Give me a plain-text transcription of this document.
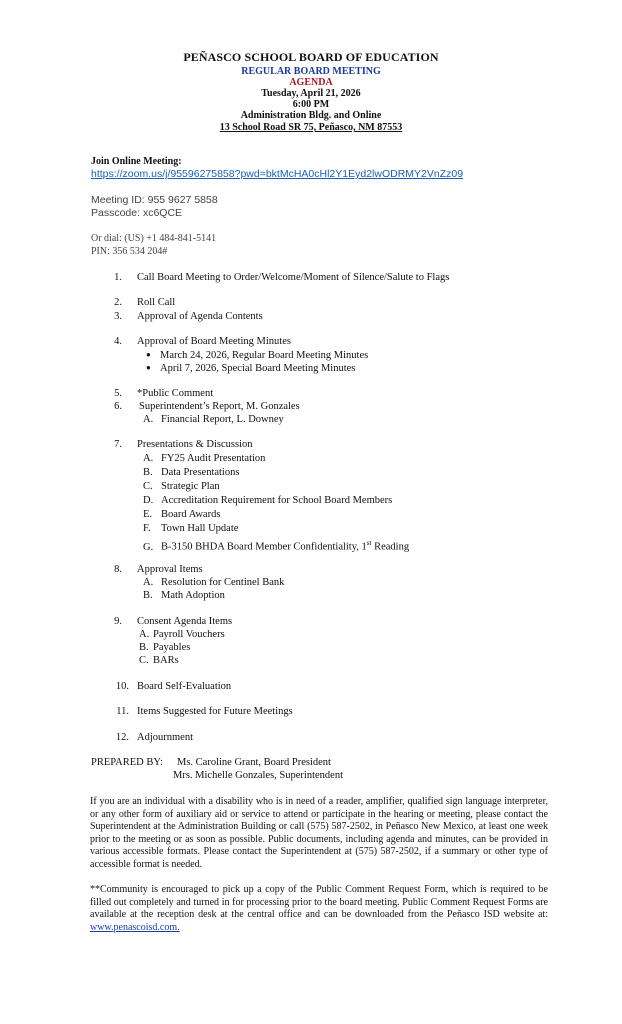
PEÑASCO SCHOOL BOARD OF EDUCATION
REGULAR BOARD MEETING
AGENDA
Tuesday, April 21, 2026
6:00 PM
Administration Bldg. and Online
13 School Road SR 75, Peñasco, NM 87553
Join Online Meeting:
https://zoom.us/j/95596275858?pwd=bktMcHA0cHl2Y1Eyd2lwODRMY2VnZz09
Meeting ID: 955 9627 5858
Passcode: xc6QCE
Or dial: (US) +1 484-841-5141
PIN: 356 534 204#
1. Call Board Meeting to Order/Welcome/Moment of Silence/Salute to Flags
2. Roll Call
3. Approval of Agenda Contents
4. Approval of Board Meeting Minutes
● March 24, 2026, Regular Board Meeting Minutes
● April 7, 2026, Special Board Meeting Minutes
5. *Public Comment
6. Superintendent’s Report, M. Gonzales
A. Financial Report, L. Downey
7. Presentations & Discussion
A. FY25 Audit Presentation
B. Data Presentations
C. Strategic Plan
D. Accreditation Requirement for School Board Members
E. Board Awards
F. Town Hall Update
G. B-3150 BHDA Board Member Confidentiality, 1st Reading
8. Approval Items
A. Resolution for Centinel Bank
B. Math Adoption
9. Consent Agenda Items
A. Payroll Vouchers
B. Payables
C. BARs
10. Board Self-Evaluation
11. Items Suggested for Future Meetings
12. Adjournment
PREPARED BY: Ms. Caroline Grant, Board President
Mrs. Michelle Gonzales, Superintendent
If you are an individual with a disability who is in need of a reader, amplifier, qualified sign language interpreter, or any other form of auxiliary aid or service to attend or participate in the hearing or meeting, please contact the Superintendent at the Administration Building or call (575) 587-2502, in Peñasco New Mexico, at least one week prior to the meeting or as soon as possible. Public documents, including agenda and minutes, can be provided in various accessible formats. Please contact the Superintendent at (575) 587-2502, if a summary or other type of accessible format is needed.
**Community is encouraged to pick up a copy of the Public Comment Request Form, which is required to be filled out completely and turned in for processing prior to the board meeting. Public Comment Request Forms are available at the reception desk at the central office and can be downloaded from the Peñasco ISD website at: www.penascoisd.com.
